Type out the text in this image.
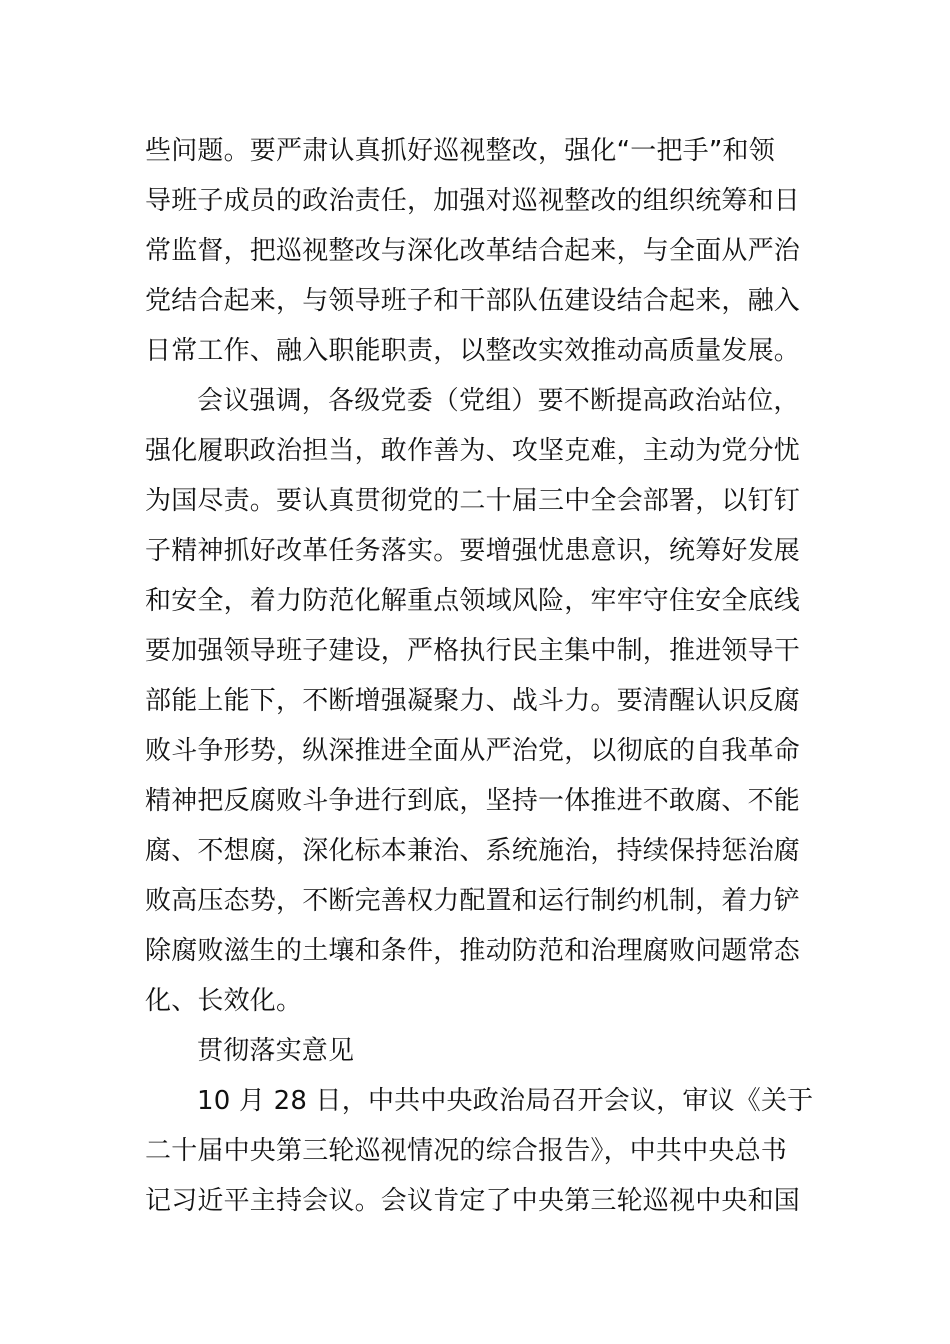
些问题。要严肃认真抓好巡视整改，强化“一把手”和领
导班子成员的政治责任，加强对巡视整改的组织统筹和日
常监督，把巡视整改与深化改革结合起来，与全面从严治
党结合起来，与领导班子和干部队伍建设结合起来，融入
日常工作、融入职能职责，以整改实效推动高质量发展。
会议强调，各级党委（党组）要不断提高政治站位，
强化履职政治担当，敢作善为、攻坚克难，主动为党分忧
为国尽责。要认真贯彻党的二十届三中全会部署，以钉钉
子精神抓好改革任务落实。要增强忧患意识，统筹好发展
和安全，着力防范化解重点领域风险，牢牢守住安全底线
要加强领导班子建设，严格执行民主集中制，推进领导干
部能上能下，不断增强凝聚力、战斗力。要清醒认识反腐
败斗争形势，纵深推进全面从严治党，以彻底的自我革命
精神把反腐败斗争进行到底，坚持一体推进不敢腐、不能
腐、不想腐，深化标本兼治、系统施治，持续保持惩治腐
败高压态势，不断完善权力配置和运行制约机制，着力铲
除腐败滋生的土壤和条件，推动防范和治理腐败问题常态
化、长效化。
贯彻落实意见
10 月 28 日，中共中央政治局召开会议，审议《关于
二十届中央第三轮巡视情况的综合报告》，中共中央总书
记习近平主持会议。会议肯定了中央第三轮巡视中央和国
